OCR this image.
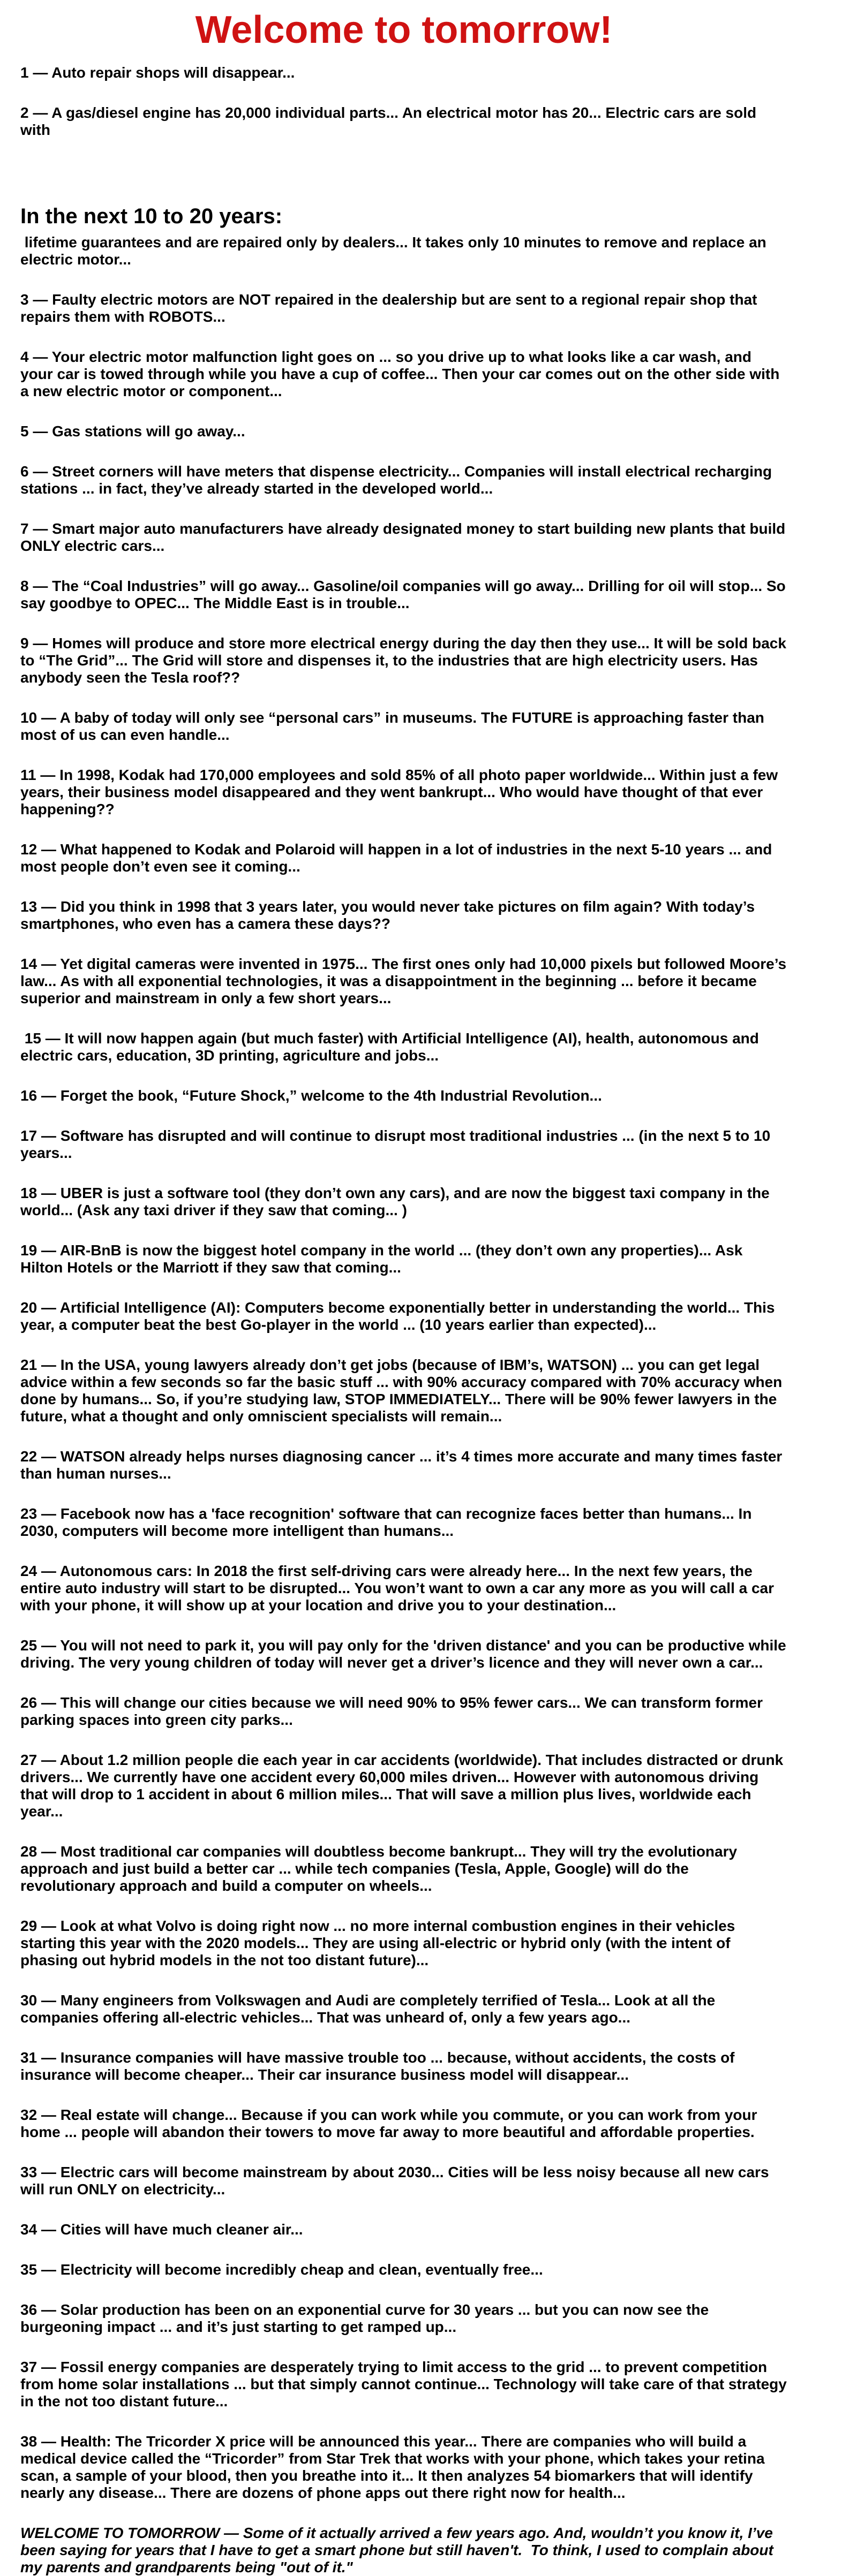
Welcome to tomorrow!

1 — Auto repair shops will disappear...

2 — A gas/diesel engine has 20,000 individual parts... An electrical motor has 20... Electric cars are sold with

In the next 10 to 20 years:

lifetime guarantees and are repaired only by dealers... It takes only 10 minutes to remove and replace an electric motor...

3 — Faulty electric motors are NOT repaired in the dealership but are sent to a regional repair shop that repairs them with ROBOTS...

4 — Your electric motor malfunction light goes on ... so you drive up to what looks like a car wash, and your car is towed through while you have a cup of coffee... Then your car comes out on the other side with a new electric motor or component...

5 — Gas stations will go away...

6 — Street corners will have meters that dispense electricity... Companies will install electrical recharging stations ... in fact, they’ve already started in the developed world...

7 — Smart major auto manufacturers have already designated money to start building new plants that build ONLY electric cars...

8 — The “Coal Industries” will go away... Gasoline/oil companies will go away... Drilling for oil will stop... So say goodbye to OPEC... The Middle East is in trouble...

9 — Homes will produce and store more electrical energy during the day then they use... It will be sold back to “The Grid”... The Grid will store and dispenses it, to the industries that are high electricity users. Has anybody seen the Tesla roof??

10 — A baby of today will only see “personal cars” in museums. The FUTURE is approaching faster than most of us can even handle...

11 — In 1998, Kodak had 170,000 employees and sold 85% of all photo paper worldwide... Within just a few years, their business model disappeared and they went bankrupt... Who would have thought of that ever happening??

12 — What happened to Kodak and Polaroid will happen in a lot of industries in the next 5-10 years ... and most people don’t even see it coming...

13 — Did you think in 1998 that 3 years later, you would never take pictures on film again? With today’s smartphones, who even has a camera these days??

14 — Yet digital cameras were invented in 1975... The first ones only had 10,000 pixels but followed Moore’s law... As with all exponential technologies, it was a disappointment in the beginning ... before it became superior and mainstream in only a few short years...

15 — It will now happen again (but much faster) with Artificial Intelligence (AI), health, autonomous and electric cars, education, 3D printing, agriculture and jobs...

16 — Forget the book, “Future Shock,” welcome to the 4th Industrial Revolution...

17 — Software has disrupted and will continue to disrupt most traditional industries ... (in the next 5 to 10 years...

18 — UBER is just a software tool (they don’t own any cars), and are now the biggest taxi company in the world... (Ask any taxi driver if they saw that coming... )

19 — AIR-BnB is now the biggest hotel company in the world ... (they don’t own any properties)... Ask Hilton Hotels or the Marriott if they saw that coming...

20 — Artificial Intelligence (AI): Computers become exponentially better in understanding the world... This year, a computer beat the best Go-player in the world ... (10 years earlier than expected)...

21 — In the USA, young lawyers already don’t get jobs (because of IBM’s, WATSON) ... you can get legal advice within a few seconds so far the basic stuff ... with 90% accuracy compared with 70% accuracy when done by humans... So, if you’re studying law, STOP IMMEDIATELY... There will be 90% fewer lawyers in the future, what a thought and only omniscient specialists will remain...

22 — WATSON already helps nurses diagnosing cancer ... it’s 4 times more accurate and many times faster than human nurses...

23 — Facebook now has a 'face recognition' software that can recognize faces better than humans... In 2030, computers will become more intelligent than humans...

24 — Autonomous cars: In 2018 the first self-driving cars were already here... In the next few years, the entire auto industry will start to be disrupted... You won’t want to own a car any more as you will call a car with your phone, it will show up at your location and drive you to your destination...

25 — You will not need to park it, you will pay only for the 'driven distance' and you can be productive while driving. The very young children of today will never get a driver’s licence and they will never own a car...

26 — This will change our cities because we will need 90% to 95% fewer cars... We can transform former parking spaces into green city parks...

27 — About 1.2 million people die each year in car accidents (worldwide). That includes distracted or drunk drivers... We currently have one accident every 60,000 miles driven... However with autonomous driving that will drop to 1 accident in about 6 million miles... That will save a million plus lives, worldwide each year...

28 — Most traditional car companies will doubtless become bankrupt... They will try the evolutionary approach and just build a better car ... while tech companies (Tesla, Apple, Google) will do the revolutionary approach and build a computer on wheels...

29 — Look at what Volvo is doing right now ... no more internal combustion engines in their vehicles starting this year with the 2020 models... They are using all-electric or hybrid only (with the intent of phasing out hybrid models in the not too distant future)...

30 — Many engineers from Volkswagen and Audi are completely terrified of Tesla... Look at all the companies offering all-electric vehicles... That was unheard of, only a few years ago...

31 — Insurance companies will have massive trouble too ... because, without accidents, the costs of insurance will become cheaper... Their car insurance business model will disappear...

32 — Real estate will change... Because if you can work while you commute, or you can work from your home ... people will abandon their towers to move far away to more beautiful and affordable properties.

33 — Electric cars will become mainstream by about 2030... Cities will be less noisy because all new cars will run ONLY on electricity...

34 — Cities will have much cleaner air...

35 — Electricity will become incredibly cheap and clean, eventually free...

36 — Solar production has been on an exponential curve for 30 years ... but you can now see the burgeoning impact ... and it’s just starting to get ramped up...

37 — Fossil energy companies are desperately trying to limit access to the grid ... to prevent competition from home solar installations ... but that simply cannot continue... Technology will take care of that strategy in the not too distant future...

38 — Health: The Tricorder X price will be announced this year... There are companies who will build a medical device called the “Tricorder” from Star Trek that works with your phone, which takes your retina scan, a sample of your blood, then you breathe into it... It then analyzes 54 biomarkers that will identify nearly any disease... There are dozens of phone apps out there right now for health...

WELCOME TO TOMORROW — Some of it actually arrived a few years ago. And, wouldn’t you know it, I’ve been saying for years that I have to get a smart phone but still haven't.  To think, I used to complain about my parents and grandparents being "out of it."
